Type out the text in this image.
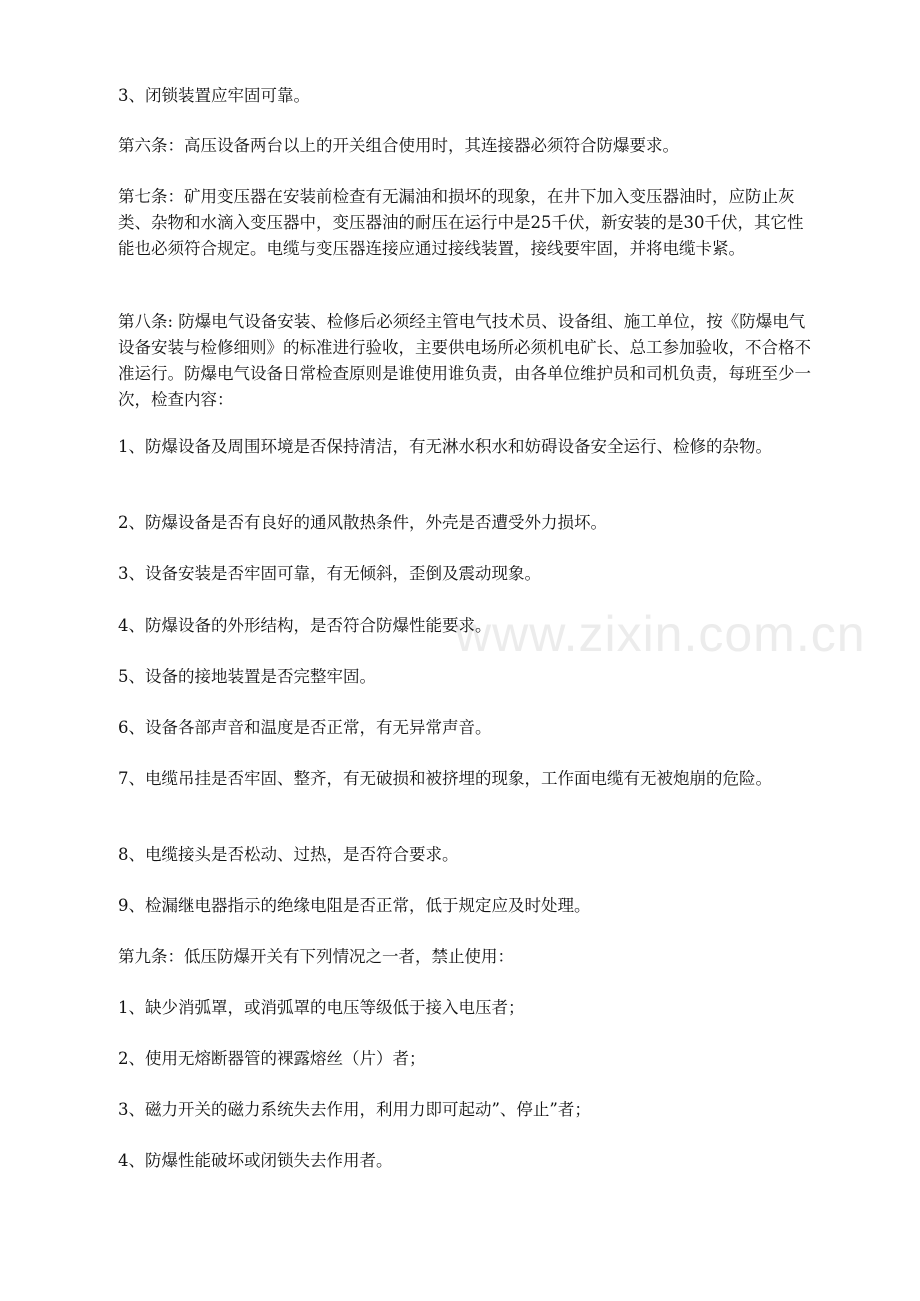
www.zixin.com.cn

3、闭锁装置应牢固可靠。

第六条：高压设备两台以上的开关组合使用时，其连接器必须符合防爆要求。

第七条：矿用变压器在安装前检查有无漏油和损坏的现象，在井下加入变压器油时，应防止灰类、杂物和水滴入变压器中，变压器油的耐压在运行中是25千伏，新安装的是30千伏，其它性能也必须符合规定。电缆与变压器连接应通过接线装置，接线要牢固，并将电缆卡紧。

第八条: 防爆电气设备安装、检修后必须经主管电气技术员、设备组、施工单位，按《防爆电气设备安装与检修细则》的标准进行验收，主要供电场所必须机电矿长、总工参加验收，不合格不准运行。防爆电气设备日常检查原则是谁使用谁负责，由各单位维护员和司机负责，每班至少一次，检查内容：

1、防爆设备及周围环境是否保持清洁，有无淋水积水和妨碍设备安全运行、检修的杂物。

2、防爆设备是否有良好的通风散热条件，外壳是否遭受外力损坏。

3、设备安装是否牢固可靠，有无倾斜，歪倒及震动现象。

4、防爆设备的外形结构，是否符合防爆性能要求。

5、设备的接地装置是否完整牢固。

6、设备各部声音和温度是否正常，有无异常声音。

7、电缆吊挂是否牢固、整齐，有无破损和被挤埋的现象，工作面电缆有无被炮崩的危险。

8、电缆接头是否松动、过热，是否符合要求。

9、检漏继电器指示的绝缘电阻是否正常，低于规定应及时处理。

第九条：低压防爆开关有下列情况之一者，禁止使用：

1、缺少消弧罩，或消弧罩的电压等级低于接入电压者；

2、使用无熔断器管的裸露熔丝（片）者；

3、磁力开关的磁力系统失去作用，利用力即可起动”、停止”者；

4、防爆性能破坏或闭锁失去作用者。
